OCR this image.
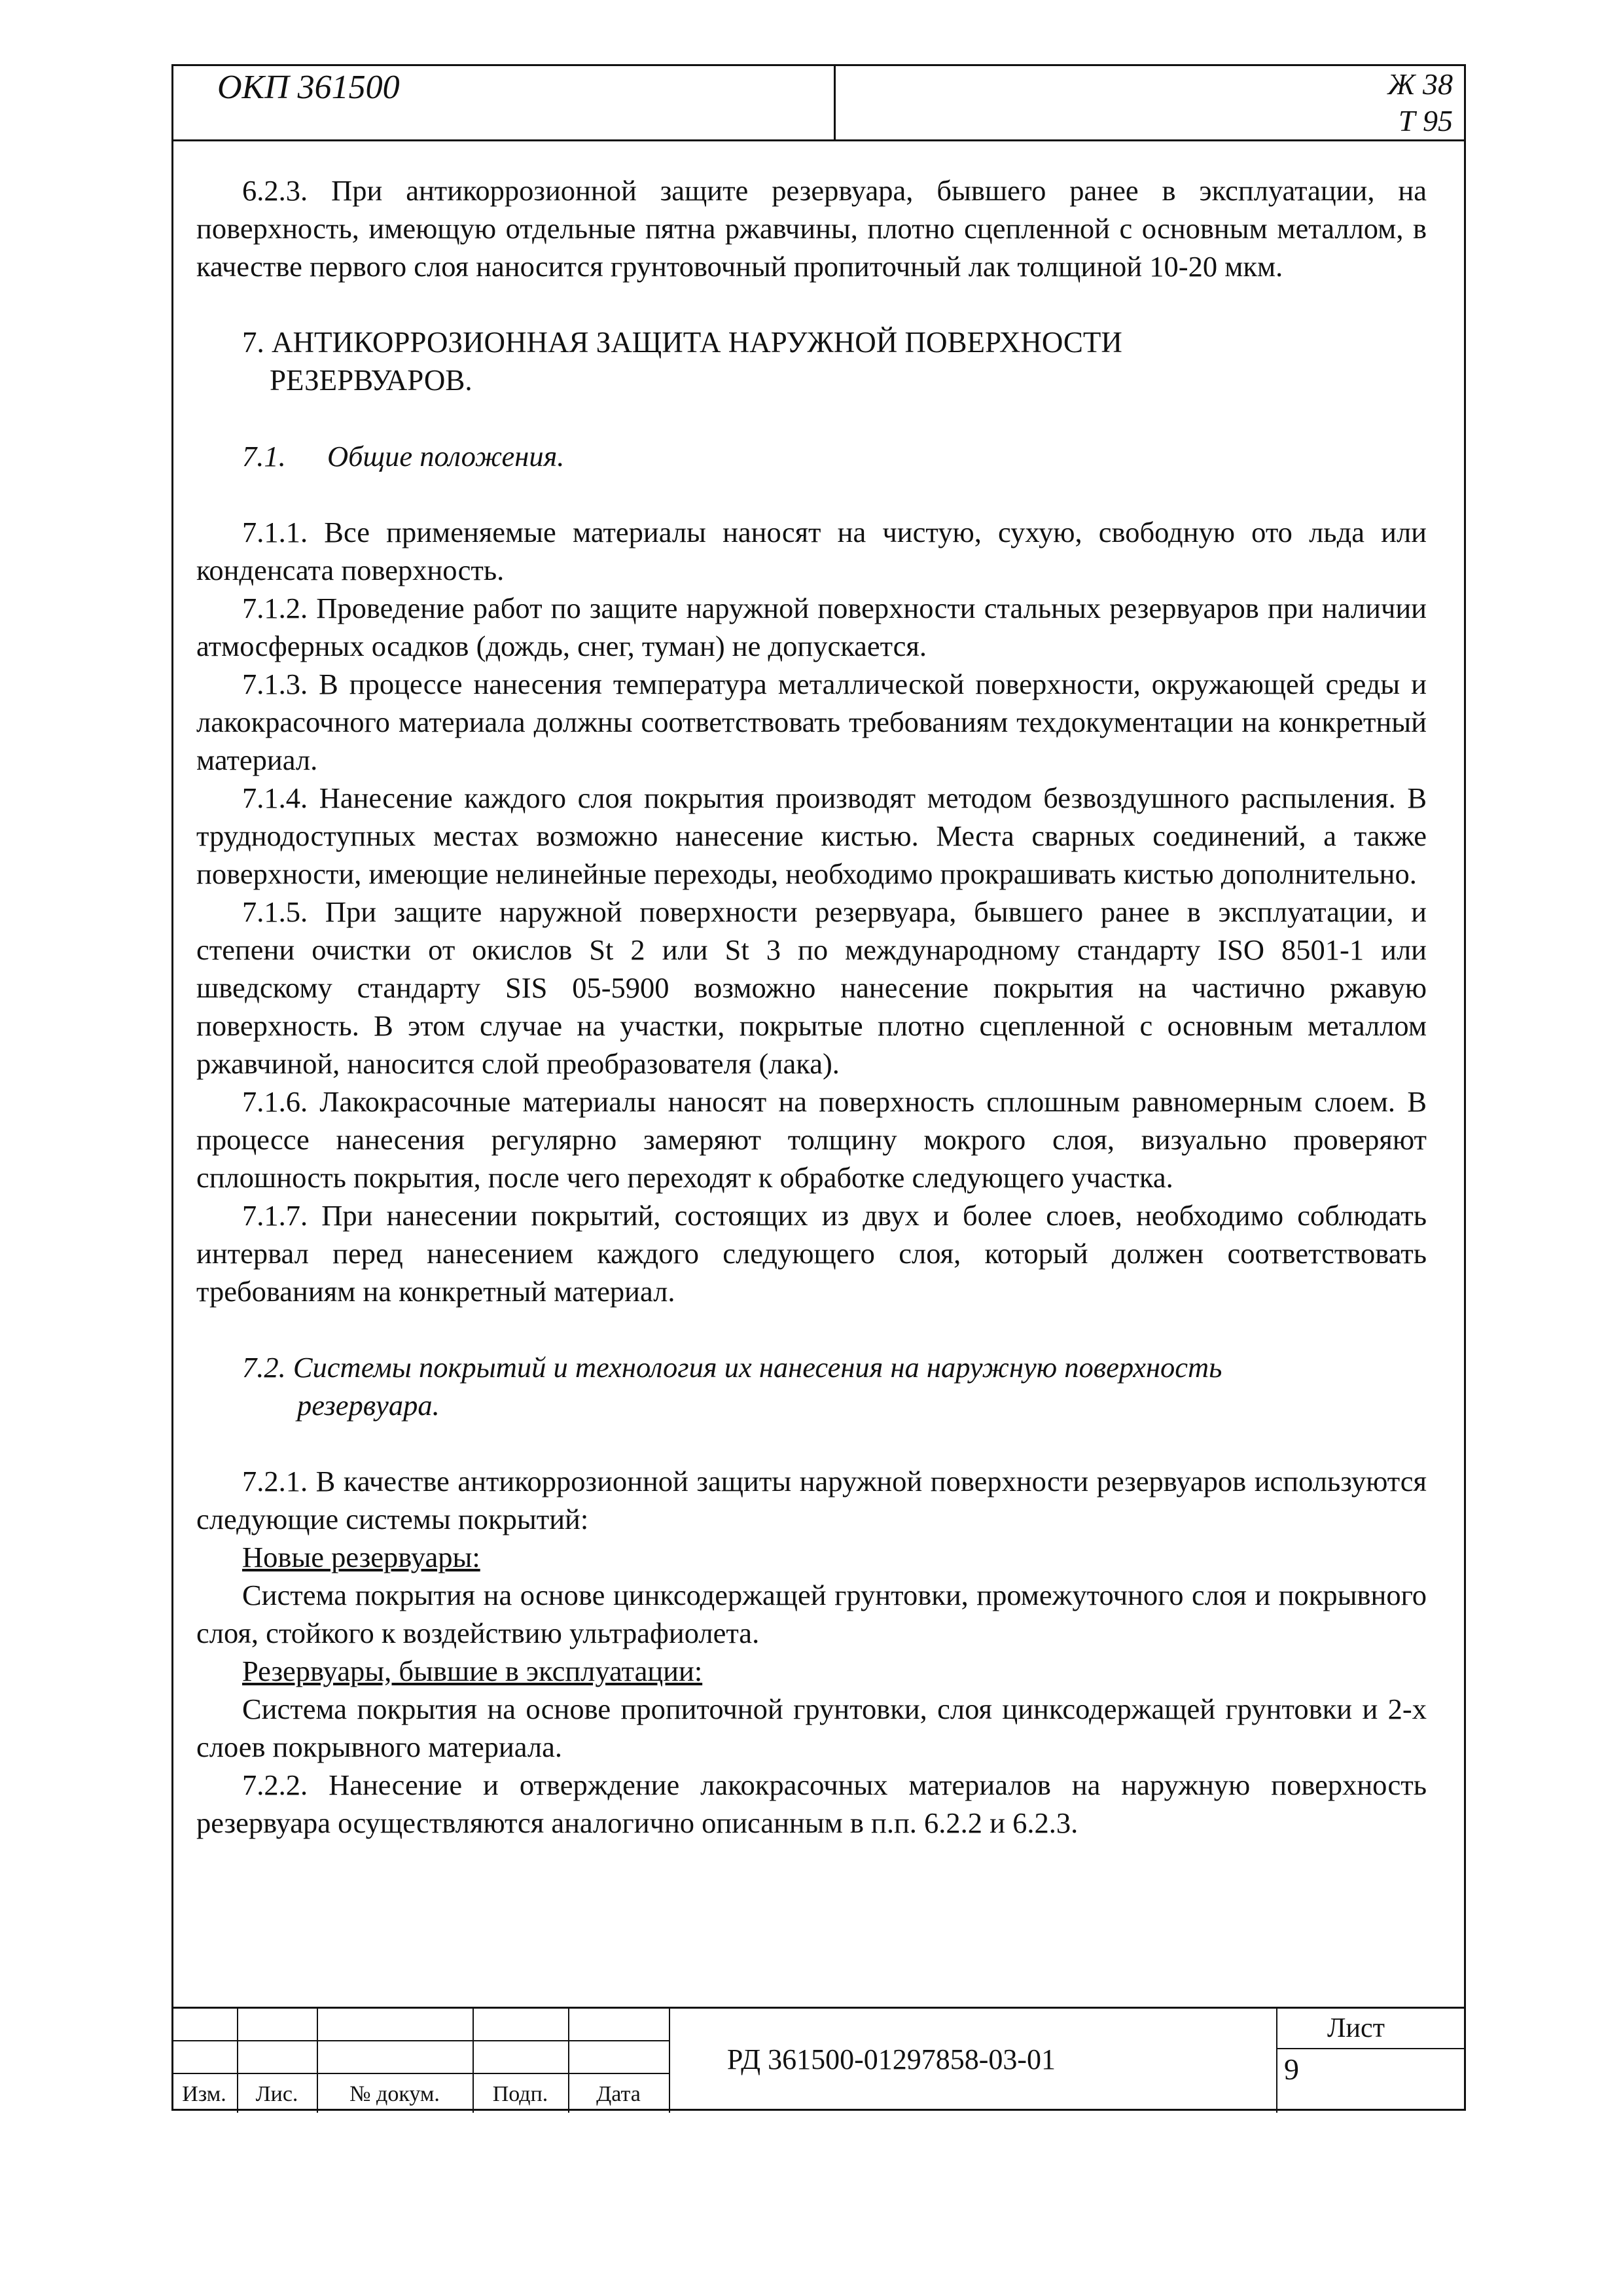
ОКП 361500	Ж 38
Т 95

6.2.3. При антикоррозионной защите резервуара, бывшего ранее в эксплуатации, на поверхность, имеющую отдельные пятна ржавчины, плотно сцепленной с основным металлом, в качестве первого слоя наносится грунтовочный пропиточный лак толщиной 10-20 мкм.

7. АНТИКОРРОЗИОННАЯ ЗАЩИТА НАРУЖНОЙ ПОВЕРХНОСТИ
РЕЗЕРВУАРОВ.

7.1. Общие положения.

7.1.1. Все применяемые материалы наносят на чистую, сухую, свободную ото льда или конденсата поверхность.

7.1.2. Проведение работ по защите наружной поверхности стальных резервуаров при наличии атмосферных осадков (дождь, снег, туман) не допускается.

7.1.3. В процессе нанесения температура металлической поверхности, окружающей среды и лакокрасочного материала должны соответствовать требованиям техдокументации на конкретный материал.

7.1.4. Нанесение каждого слоя покрытия производят методом безвоздушного распыления. В труднодоступных местах возможно нанесение кистью. Места сварных соединений, а также поверхности, имеющие нелинейные переходы, необходимо прокрашивать кистью дополнительно.

7.1.5. При защите наружной поверхности резервуара, бывшего ранее в эксплуатации, и степени очистки от окислов St 2 или St 3 по международному стандарту ISO 8501-1 или шведскому стандарту SIS 05-5900 возможно нанесение покрытия на частично ржавую поверхность. В этом случае на участки, покрытые плотно сцепленной с основным металлом ржавчиной, наносится слой преобразователя (лака).

7.1.6. Лакокрасочные материалы наносят на поверхность сплошным равномерным слоем. В процессе нанесения регулярно замеряют толщину мокрого слоя, визуально проверяют сплошность покрытия, после чего переходят к обработке следующего участка.

7.1.7. При нанесении покрытий, состоящих из двух и более слоев, необходимо соблюдать интервал перед нанесением каждого следующего слоя, который должен соответствовать требованиям на конкретный материал.

7.2. Системы покрытий и технология их нанесения на наружную поверхность
резервуара.

7.2.1. В качестве антикоррозионной защиты наружной поверхности резервуаров используются следующие системы покрытий:

Новые резервуары:

Система покрытия на основе цинксодержащей грунтовки, промежуточного слоя и покрывного слоя, стойкого к воздействию ультрафиолета.

Резервуары, бывшие в эксплуатации:

Система покрытия на основе пропиточной грунтовки, слоя цинксодержащей грунтовки и 2-х слоев покрывного материала.

7.2.2. Нанесение и отверждение лакокрасочных материалов на наружную поверхность резервуара осуществляются аналогично описанным в п.п. 6.2.2 и 6.2.3.

Изм.	Лис.	№ докум.	Подп.	Дата
РД 361500-01297858-03-01
Лист
9
